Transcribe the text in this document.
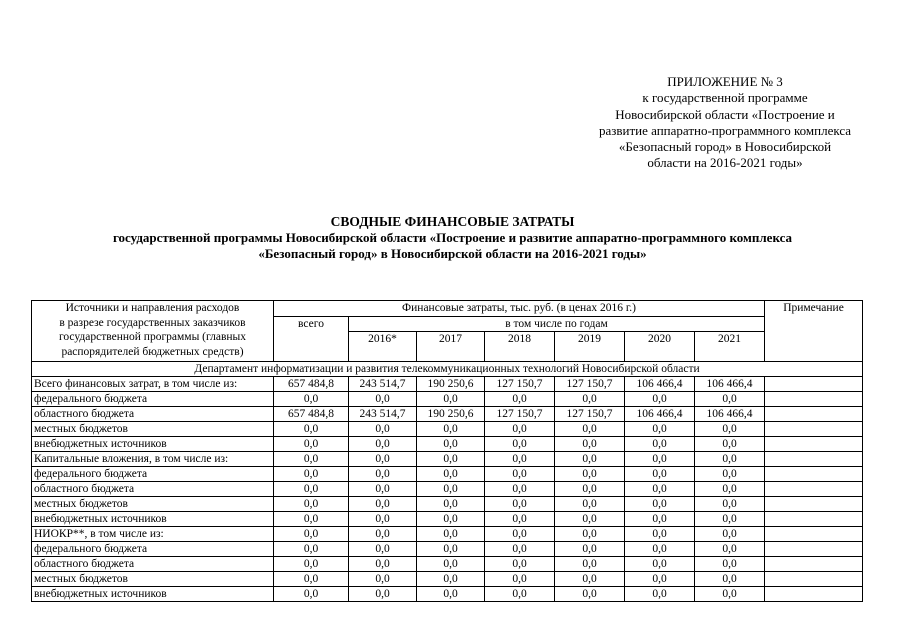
ПРИЛОЖЕНИЕ № 3
к государственной программе
Новосибирской области «Построение и
развитие аппаратно-программного комплекса
«Безопасный город» в Новосибирской
области на 2016-2021 годы»
СВОДНЫЕ ФИНАНСОВЫЕ ЗАТРАТЫ
государственной программы Новосибирской области «Построение и развитие аппаратно-программного комплекса
«Безопасный город» в Новосибирской области на 2016-2021 годы»
Источники и направления расходов
в разрезе государственных заказчиков
государственной программы (главных
распорядителей бюджетных средств)	Финансовые затраты, тыс. руб. (в ценах 2016 г.)							Примечание
	всего	в том числе по годам						
		2016*	2017	2018	2019	2020	2021	
Департамент информатизации и развития телекоммуникационных технологий Новосибирской области								
Всего финансовых затрат, в том числе из:	657 484,8	243 514,7	190 250,6	127 150,7	127 150,7	106 466,4	106 466,4	
федерального бюджета	0,0	0,0	0,0	0,0	0,0	0,0	0,0	
областного бюджета	657 484,8	243 514,7	190 250,6	127 150,7	127 150,7	106 466,4	106 466,4	
местных бюджетов	0,0	0,0	0,0	0,0	0,0	0,0	0,0	
внебюджетных источников	0,0	0,0	0,0	0,0	0,0	0,0	0,0	
Капитальные вложения, в том числе из:	0,0	0,0	0,0	0,0	0,0	0,0	0,0	
федерального бюджета	0,0	0,0	0,0	0,0	0,0	0,0	0,0	
областного бюджета	0,0	0,0	0,0	0,0	0,0	0,0	0,0	
местных бюджетов	0,0	0,0	0,0	0,0	0,0	0,0	0,0	
внебюджетных источников	0,0	0,0	0,0	0,0	0,0	0,0	0,0	
НИОКР**, в том числе из:	0,0	0,0	0,0	0,0	0,0	0,0	0,0	
федерального бюджета	0,0	0,0	0,0	0,0	0,0	0,0	0,0	
областного бюджета	0,0	0,0	0,0	0,0	0,0	0,0	0,0	
местных бюджетов	0,0	0,0	0,0	0,0	0,0	0,0	0,0	
внебюджетных источников	0,0	0,0	0,0	0,0	0,0	0,0	0,0	
